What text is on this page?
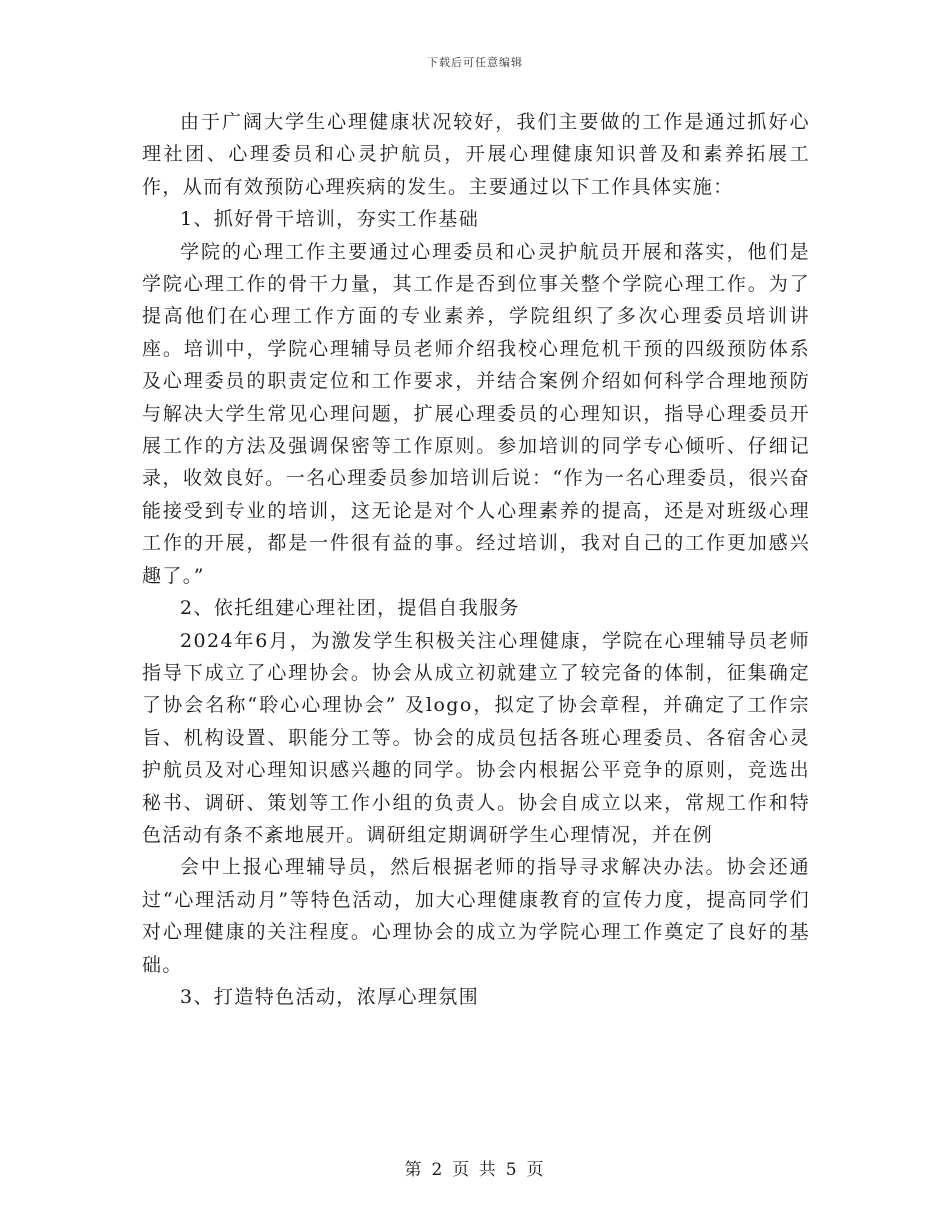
下载后可任意编辑

由于广阔大学生心理健康状况较好，我们主要做的工作是通过抓好心理社团、心理委员和心灵护航员，开展心理健康知识普及和素养拓展工作，从而有效预防心理疾病的发生。主要通过以下工作具体实施：

1、抓好骨干培训，夯实工作基础

学院的心理工作主要通过心理委员和心灵护航员开展和落实，他们是学院心理工作的骨干力量，其工作是否到位事关整个学院心理工作。为了提高他们在心理工作方面的专业素养，学院组织了多次心理委员培训讲座。培训中，学院心理辅导员老师介绍我校心理危机干预的四级预防体系及心理委员的职责定位和工作要求，并结合案例介绍如何科学合理地预防与解决大学生常见心理问题，扩展心理委员的心理知识，指导心理委员开展工作的方法及强调保密等工作原则。参加培训的同学专心倾听、仔细记录，收效良好。一名心理委员参加培训后说：“作为一名心理委员，很兴奋能接受到专业的培训，这无论是对个人心理素养的提高，还是对班级心理工作的开展，都是一件很有益的事。经过培训，我对自己的工作更加感兴趣了。”

2、依托组建心理社团，提倡自我服务

2024年6月，为激发学生积极关注心理健康，学院在心理辅导员老师指导下成立了心理协会。协会从成立初就建立了较完备的体制，征集确定了协会名称“聆心心理协会” 及logo，拟定了协会章程，并确定了工作宗旨、机构设置、职能分工等。协会的成员包括各班心理委员、各宿舍心灵护航员及对心理知识感兴趣的同学。协会内根据公平竞争的原则，竞选出秘书、调研、策划等工作小组的负责人。协会自成立以来，常规工作和特色活动有条不紊地展开。调研组定期调研学生心理情况，并在例

会中上报心理辅导员，然后根据老师的指导寻求解决办法。协会还通过“心理活动月”等特色活动，加大心理健康教育的宣传力度，提高同学们对心理健康的关注程度。心理协会的成立为学院心理工作奠定了良好的基础。

3、打造特色活动，浓厚心理氛围

第 2 页 共 5 页
